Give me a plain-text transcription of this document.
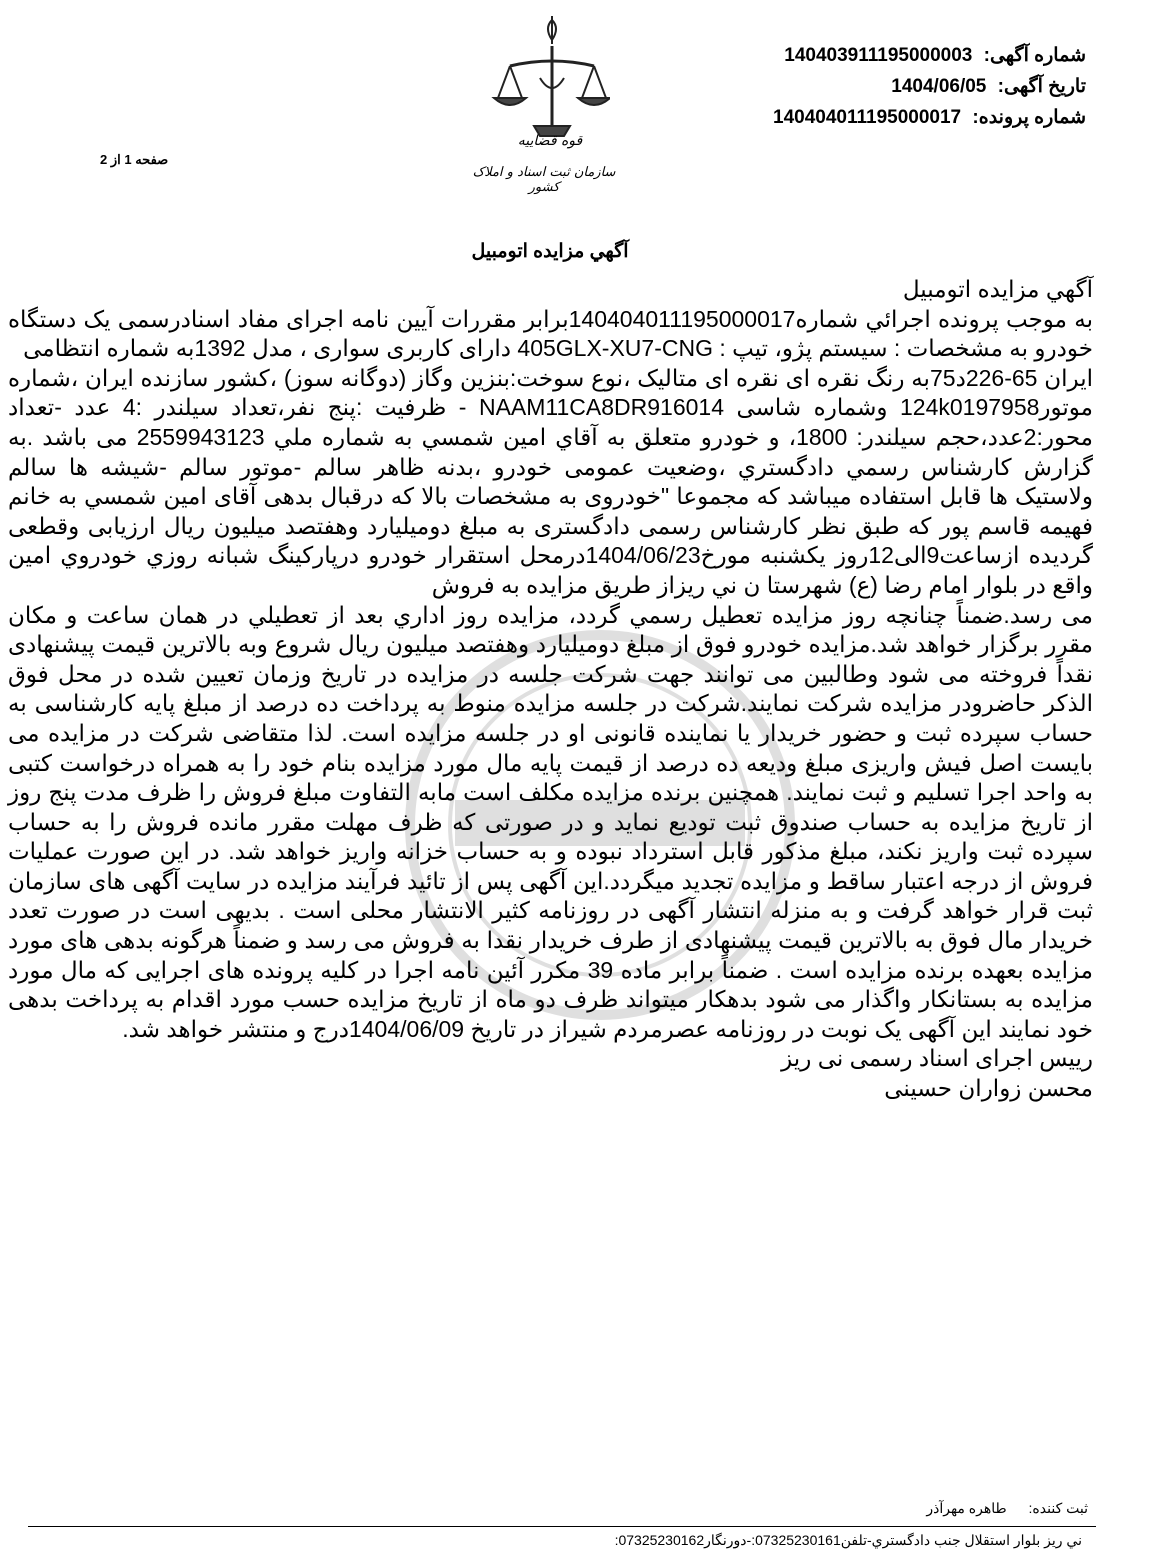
قوه قضاییه
سازمان ثبت اسناد و املاک کشور
شماره آگهی: 140403911195000003
تاریخ آگهی: 1404/06/05
شماره پرونده: 140404011195000017
صفحه 1 از 2
آگهي مزايده اتومبيل

آگهي مزايده اتومبيل

به موجب پرونده اجرائي شماره140404011195000017برابر مقررات آيين نامه اجرای مفاد اسنادرسمی يک دستگاه خودرو به مشخصات : سيستم پژو، تيپ : 405GLX-XU7-CNG دارای کاربری سواری ، مدل 1392به شماره انتظامی

ايران 65-226د75به رنگ نقره ای نقره ای متاليک ،نوع سوخت:بنزين وگاز (دوگانه سوز) ،کشور سازنده ايران ،شماره موتور124k0197958 وشماره شاسی NAAM11CA8DR916014 - ظرفيت :پنج نفر،تعداد سيلندر :4 عدد -تعداد محور:2عدد،حجم سيلندر: 1800، و خودرو متعلق به آقاي امين شمسي به شماره ملي 2559943123 می باشد .به گزارش کارشناس رسمي دادگستري ،وضعيت عمومی خودرو ،بدنه ظاهر سالم -موتور سالم -شيشه ها سالم ولاستيک ها قابل استفاده ميباشد که مجموعا "خودروی به مشخصات بالا که درقبال بدهی آقای امين شمسي به خانم فهيمه قاسم پور که طبق نظر کارشناس رسمی دادگستری به مبلغ دوميليارد وهفتصد ميليون ريال ارزيابی وقطعی گرديده ازساعت9الی12روز يکشنبه مورخ1404/06/23درمحل استقرار خودرو درپارکينگ شبانه روزي خودروي امين واقع در بلوار امام رضا (ع) شهرستا ن ني ريزاز طريق مزايده به فروش

می رسد.ضمناً چنانچه روز مزايده تعطيل رسمي گردد، مزايده روز اداري بعد از تعطيلي در همان ساعت و مکان مقرر برگزار خواهد شد.مزايده خودرو فوق از مبلغ دوميليارد وهفتصد ميليون ريال شروع وبه بالاترين قيمت پيشنهادی نقداً فروخته می شود وطالبين می توانند جهت شرکت جلسه در مزايده در تاريخ وزمان تعيين شده در محل فوق الذکر حاضرودر مزايده شرکت نمايند.شرکت در جلسه مزايده منوط به پرداخت ده درصد از مبلغ پايه کارشناسی به حساب سپرده ثبت و حضور خريدار يا نماينده قانونی او در جلسه مزايده است. لذا متقاضی شرکت در مزايده می بايست اصل فيش واريزی مبلغ وديعه ده درصد از قيمت پايه مال مورد مزايده بنام خود را به همراه درخواست کتبی به واحد اجرا تسليم و ثبت نمايند. همچنين برنده مزايده مکلف است مابه التفاوت مبلغ فروش را ظرف مدت پنج روز از تاريخ مزايده به حساب صندوق ثبت توديع نمايد و در صورتی که ظرف مهلت مقرر مانده فروش را به حساب سپرده ثبت واريز نکند، مبلغ مذکور قابل استرداد نبوده و به حساب خزانه واريز خواهد شد. در اين صورت عمليات فروش از درجه اعتبار ساقط و مزايده تجديد ميگردد.اين آگهی پس از تائيد فرآيند مزايده در سايت آگهی های سازمان ثبت قرار خواهد گرفت و به منزله انتشار آگهی در روزنامه کثير الانتشار محلی است . بديهی است در صورت تعدد خريدار مال فوق به بالاترين قيمت پيشنهادی از طرف خريدار نقدا به فروش می رسد و ضمناً هرگونه بدهی های مورد مزايده بعهده برنده مزايده است . ضمناً برابر ماده 39 مکرر آئين نامه اجرا در کليه پرونده های اجرايی که مال مورد مزايده به بستانکار واگذار می شود بدهکار ميتواند ظرف دو ماه از تاريخ مزايده حسب مورد اقدام به پرداخت بدهی خود نمايند اين آگهی يک نوبت در روزنامه عصرمردم شيراز در تاريخ 1404/06/09درج و منتشر خواهد شد.

رييس اجرای اسناد رسمی نی ريز

محسن زواران حسينی

ثبت کننده: طاهره مهرآذر
ني ريز بلوار استقلال جنب دادگستري-تلفن07325230161:-دورنگار07325230162:
